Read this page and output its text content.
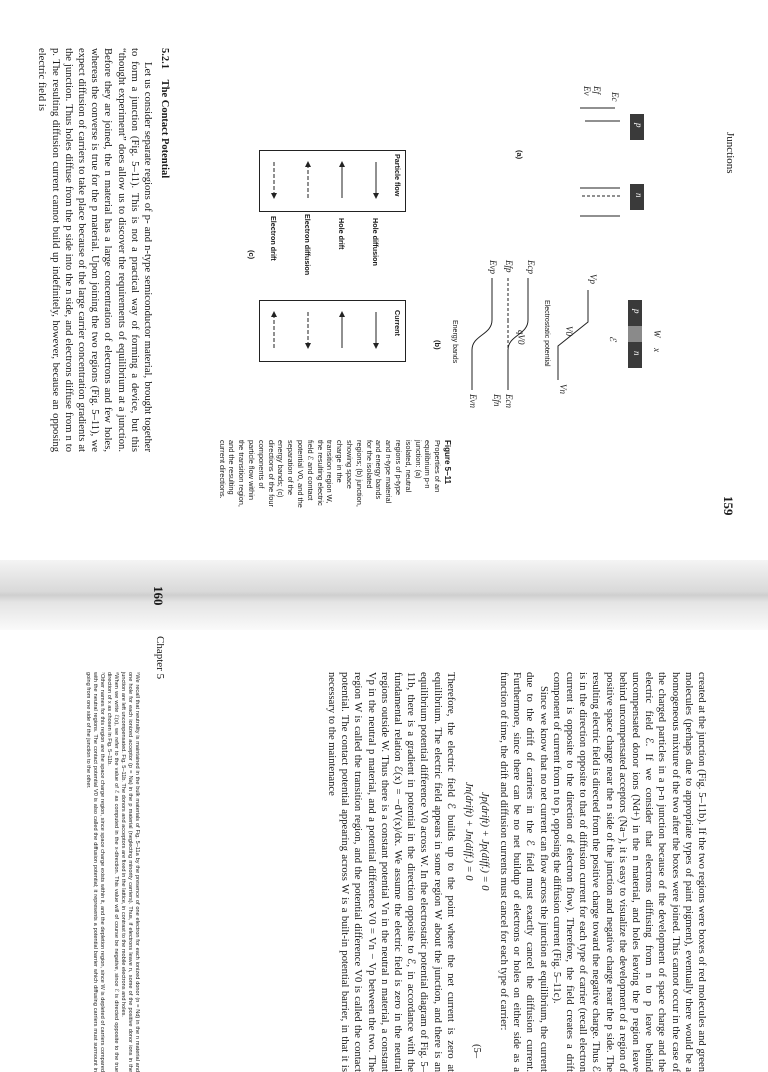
Junctions
159
p
n
Ec
Ef
Ev
(a)
p
n
W
x
ℰ
Vp
Vn
V0
Electrostatic potential
Ecp
Efp
Evp
qV0
Ecn
Efn
Evn
Energy bands
(b)
Particle flow
Current
Hole diffusion
Hole drift
Electron diffusion
Electron drift
(c)
Figure 5–11 Properties of an equilibrium p-n junction: (a) isolated, neutral regions of p-type and n-type material and energy bands for the isolated regions; (b) junction, showing space charge in the transition region W, the resulting electric field ℰ and contact potential V0, and the separation of the energy bands; (c) directions of the four components of particle flow within the transition region, and the resulting current directions.
5.2.1 The Contact Potential

Let us consider separate regions of p- and n-type semiconductor material, brought together to form a junction (Fig. 5–11). This is not a practical way of forming a device, but this “thought experiment” does allow us to discover the requirements of equilibrium at a junction. Before they are joined, the n material has a large concentration of electrons and few holes, whereas the converse is true for the p material. Upon joining the two regions (Fig. 5–11), we expect diffusion of carriers to take place because of the large carrier concentration gradients at the junction. Thus holes diffuse from the p side into the n side, and electrons diffuse from n to p. The resulting diffusion current cannot build up indefinitely, however, because an opposing electric field is

160
Chapter 5

created at the junction (Fig. 5–11b). If the two regions were boxes of red molecules and green molecules (perhaps due to appropriate types of paint pigment), eventually there would be a homogeneous mixture of the two after the boxes were joined. This cannot occur in the case of the charged particles in a p-n junction because of the development of space charge and the electric field ℰ. If we consider that electrons diffusing from n to p leave behind uncompensated donor ions (Nd+) in the n material, and holes leaving the p region leave behind uncompensated acceptors (Na−), it is easy to visualize the development of a region of positive space charge near the n side of the junction and negative charge near the p side. The resulting electric field is directed from the positive charge toward the negative charge. Thus ℰ is in the direction opposite to that of diffusion current for each type of carrier (recall electron current is opposite to the direction of electron flow). Therefore, the field creates a drift component of current from n to p, opposing the diffusion current (Fig. 5–11c).

Since we know that no net current can flow across the junction at equilibrium, the current due to the drift of carriers in the ℰ field must exactly cancel the diffusion current. Furthermore, since there can be no net buildup of electrons or holes on either side as a function of time, the drift and diffusion currents must cancel for each type of carrier:

Jp(drift) + Jp(diff.) = 0
Jn(drift) + Jn(diff.) = 0
(5–

Therefore, the electric field ℰ builds up to the point where the net current is zero at equilibrium. The electric field appears in some region W about the junction, and there is an equilibrium potential difference V0 across W. In the electrostatic potential diagram of Fig. 5–11b, there is a gradient in potential in the direction opposite to ℰ, in accordance with the fundamental relation ℰ(x) = −dV(x)/dx. We assume the electric field is zero in the neutral regions outside W. Thus there is a constant potential Vn in the neutral n material, a constant Vp in the neutral p material, and a potential difference V0 = Vn − Vp between the two. The region W is called the transition region, and the potential difference V0 is called the contact potential. The contact potential appearing across W is a built-in potential barrier, in that it is necessary to the maintenance

⁵We recall that neutrality is maintained in the bulk materials of Fig. 5–11a by the presence of one electron for each ionized donor (n = Nd) in the n material and one hole for each ionized acceptor (p = Na) in the p material (neglecting minority carriers). Thus, if electrons leave n, some of the positive donor ions in the junction are left uncompensated. Fig. 5–11b. The donors and acceptors are fixed in the lattice, in contrast to the mobile electrons and holes.
⁶When we write ℰ(x), we refer to the value of ℰ as computed in the x-direction. This value will of course be negative, since ℰ is directed opposite to the true direction of x as chosen in Fig. 5–11b.
⁷Other names for this region are the space charge region, since space charge exists within it, and the depletion region, since W is depleted of carriers compared with the neutral regions. The contact potential V0 is also called the diffusion potential; it represents a potential barrier which diffusing carriers must surmount in going from one side of the junction to the other.
